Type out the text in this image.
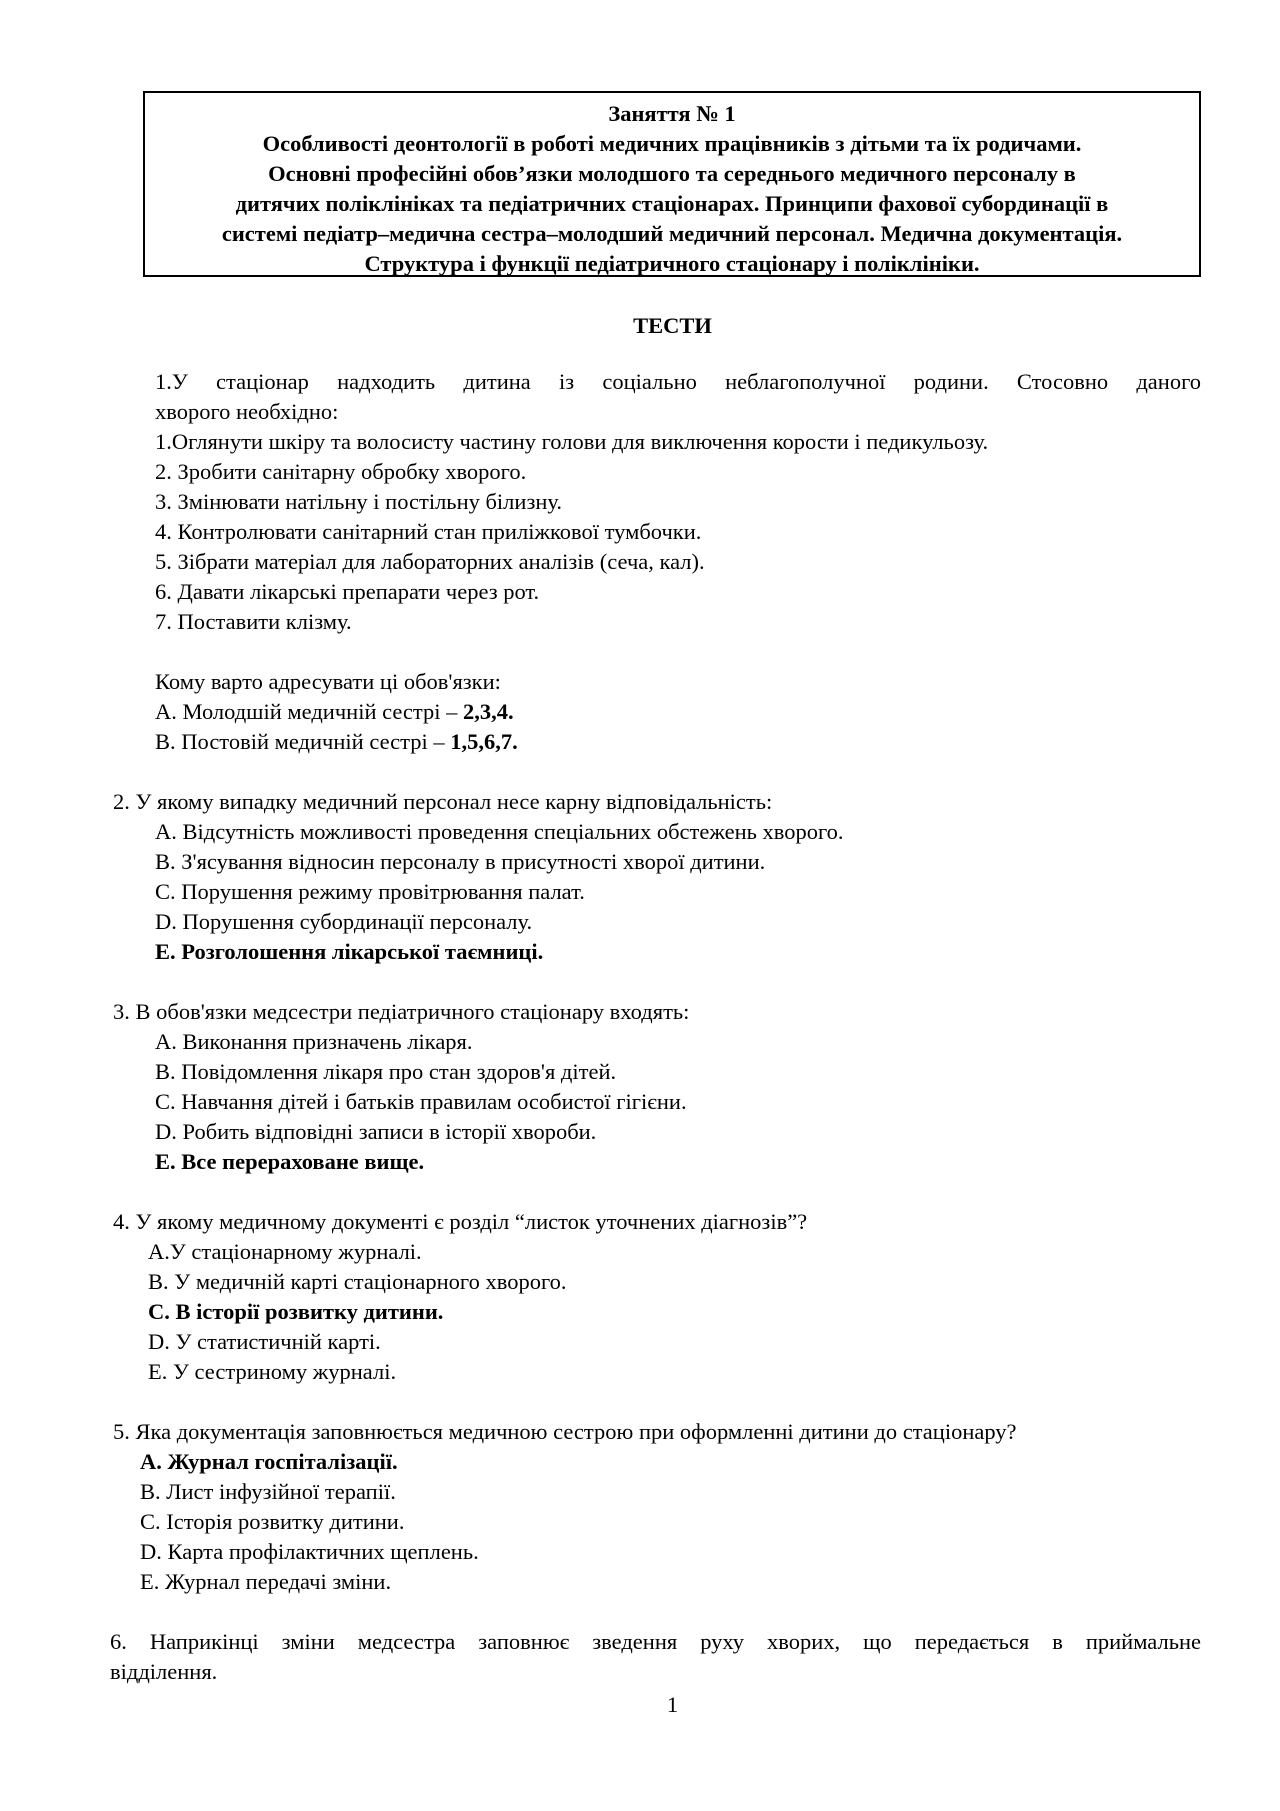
Заняття № 1
Особливості деонтології в роботі медичних працівників з дітьми та їх родичами.
Основні професійні обов’язки молодшого та середнього медичного персоналу в
дитячих поліклініках та педіатричних стаціонарах. Принципи фахової субординації в
системі педіатр–медична сестра–молодший медичний персонал. Медична документація.
Структура і функції педіатричного стаціонару і поліклініки.
ТЕСТИ
1.У стаціонар надходить дитина із соціально неблагополучної родини. Стосовно даного
хворого необхідно:
1.Оглянути шкіру та волосисту частину голови для виключення корости і педикульозу.
2. Зробити санітарну обробку хворого.
3. Змінювати натільну і постільну білизну.
4. Контролювати санітарний стан приліжкової тумбочки.
5. Зібрати матеріал для лабораторних аналізів (сеча, кал).
6. Давати лікарські препарати через рот.
7. Поставити клізму.
Кому варто адресувати ці обов'язки:
A. Молодшій медичній сестрі – 2,3,4.
B. Постовій медичній сестрі – 1,5,6,7.
2. У якому випадку медичний персонал несе карну відповідальність:
A. Відсутність можливості проведення спеціальних обстежень хворого.
B. З'ясування відносин персоналу в присутності хворої дитини.
C. Порушення режиму провітрювання палат.
D. Порушення субординації персоналу.
E. Розголошення лікарської таємниці.
3. В обов'язки медсестри педіатричного стаціонару входять:
A. Виконання призначень лікаря.
B. Повідомлення лікаря про стан здоров'я дітей.
C. Навчання дітей і батьків правилам особистої гігієни.
D. Робить відповідні записи в історії хвороби.
E. Все перераховане вище.
4. У якому медичному документі є розділ “листок уточнених діагнозів”?
A.У стаціонарному журналі.
B. У медичній карті стаціонарного хворого.
C. В історії розвитку дитини.
D. У статистичній карті.
E. У сестриному журналі.
5. Яка документація заповнюється медичною сестрою при оформленні дитини до стаціонару?
A. Журнал госпіталізації.
B. Лист інфузійної терапії.
C. Історія розвитку дитини.
D. Карта профілактичних щеплень.
E. Журнал передачі зміни.
6. Наприкінці зміни медсестра заповнює зведення руху хворих, що передається в приймальне
відділення.
1
